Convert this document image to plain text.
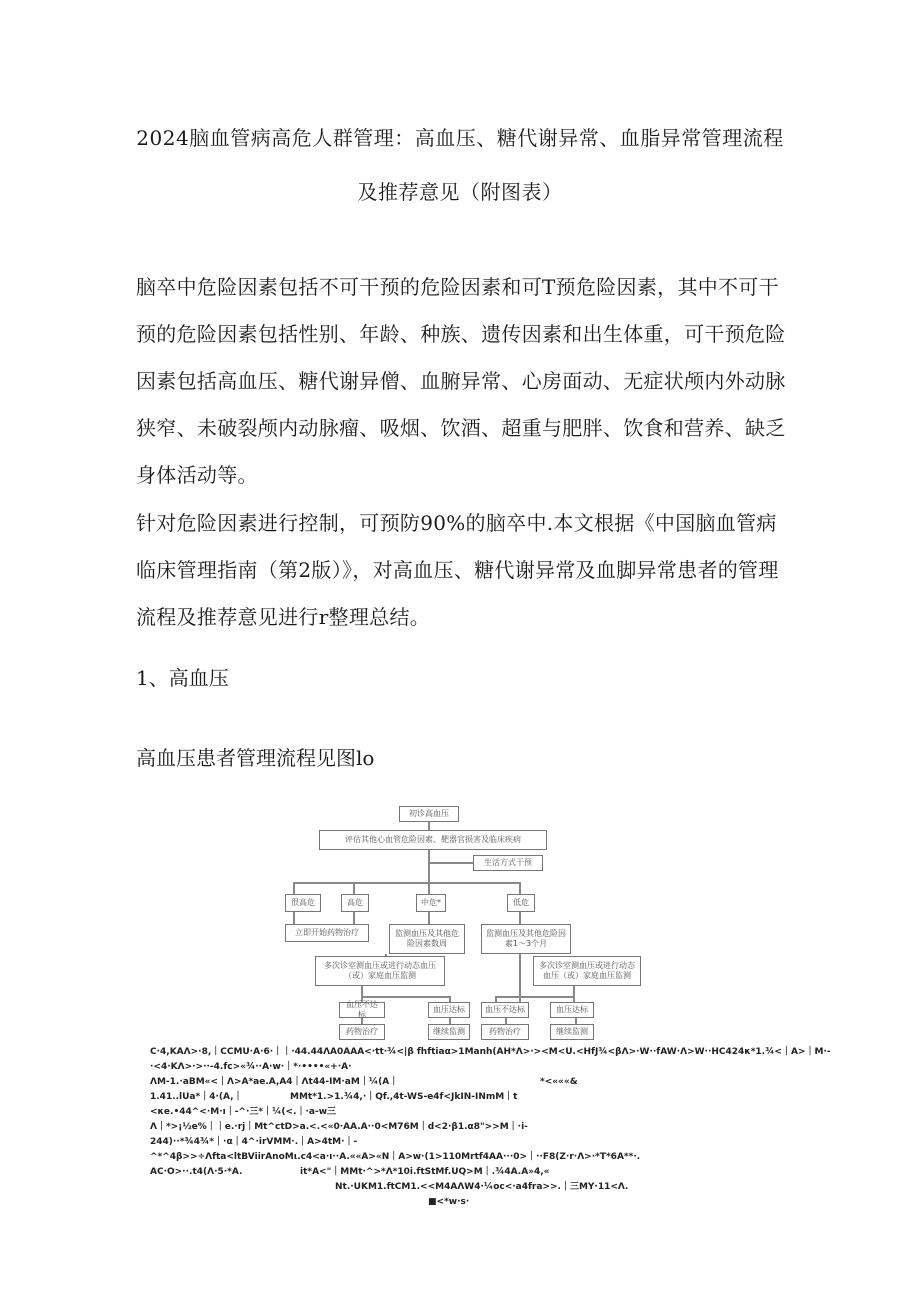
2024脑血管病高危人群管理：高血压、糖代谢异常、血脂异常管理流程
及推荐意见（附图表）

脑卒中危险因素包括不可干预的危险因素和可T预危险因素，其中不可干预的危险因素包括性别、年龄、种族、遗传因素和出生体重，可干预危险因素包括高血压、糖代谢异僧、血腑异常、心房面动、无症状颅内外动脉狭窄、未破裂颅内动脉瘤、吸烟、饮酒、超重与肥胖、饮食和营养、缺乏身体活动等。

针对危险因素进行控制，可预防90%的脑卒中.本文根据《中国脑血管病临床管理指南（第2版）》，对高血压、糖代谢异常及血脚异常患者的管理流程及推荐意见进行r整理总结。

1、高血压
高血压患者管理流程见图lo
初诊高血压
评估其他心血管危险因素、靶器官损害及临床疾病
生活方式干预
很高危	高危	中危*	低危
立即开始药物治疗	监测血压及其他危险因素数周
监测血压及其他危险因素1～3个月
多次诊室测血压或进行动态血压（或）家庭血压监测
多次诊室测血压或进行动态血压（或）家庭血压监测
血压不达标
血压达标	血压不达标	血压达标
药物治疗	继续监测	药物治疗	继续监测
C·4,KAΛ>·8,｜CCMU·A·6·｜｜·44.44ΛA0AAA<·tt·¾<|β fhftiaα>1Manh(AH*Λ>·><M<U.<HfJ¾<βΛ>·W··fAW·Λ>W··HC424κ*1.¾<｜A>｜M·-
·<4·KΛ>·>··-4.fc>«¾··A·w·｜*·••••«+·A·
ΛM-1.·aBM«<｜Λ>A*ae.A,A4｜Λt44-IM·aM｜¼(A｜	*<«««&
1.41..lUa*｜4·(A,｜	MMt*1.>1.¾4,·｜Qf.,4t-WS-e4f<JkIN-INmM｜t
<κe.•44^<·M·ı｜-^·三*｜¼(<.｜·a-w三
Λ｜*>¡½e%｜｜e.·rj｜Mt^ctD>a.<.<«0·AA.A··0<M76M｜d<2·β1.α8">>M｜·i-
244)··*¾4¾*｜·α｜4^·irVMM·.｜A>4tM·｜-
^*^4β>>÷Λfta<ltBViirAnoMι.c4<a·ı··A.««A>«N｜A>w·(1>110Mrtf4AA···0>｜··F8(Z·r·Λ>·*T*6A**·.
AC·O>··.t4(Λ·5·*A.	it*A<"｜MMt·^>*Λ*10i.ftStMf.UQ>M｜.¾4A.A»4,«
Nt.·UKM1.ftCM1.<<M4AΛW4·¼oc<·a4fra>>.｜三MY·11<Λ.
■<*w·s·
